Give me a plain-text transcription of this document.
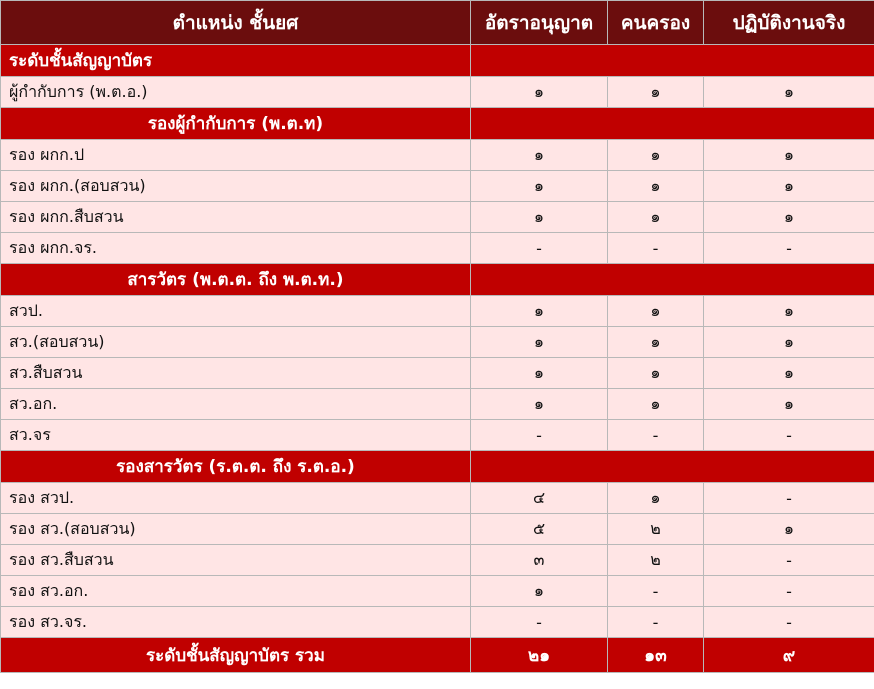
ตำแหน่ง ชั้นยศ	อัตราอนุญาต	คนครอง	ปฏิบัติงานจริง
ระดับชั้นสัญญาบัตร			
ผู้กำกับการ (พ.ต.อ.)	๑	๑	๑
รองผู้กำกับการ (พ.ต.ท)			
รอง ผกก.ป	๑	๑	๑
รอง ผกก.(สอบสวน)	๑	๑	๑
รอง ผกก.สืบสวน	๑	๑	๑
รอง ผกก.จร.	-	-	-
สารวัตร (พ.ต.ต. ถึง พ.ต.ท.)			
สวป.	๑	๑	๑
สว.(สอบสวน)	๑	๑	๑
สว.สืบสวน	๑	๑	๑
สว.อก.	๑	๑	๑
สว.จร	-	-	-
รองสารวัตร (ร.ต.ต. ถึง ร.ต.อ.)			
รอง สวป.	๔	๑	-
รอง สว.(สอบสวน)	๕	๒	๑
รอง สว.สืบสวน	๓	๒	-
รอง สว.อก.	๑	-	-
รอง สว.จร.	-	-	-
ระดับชั้นสัญญาบัตร รวม	๒๑	๑๓	๙
